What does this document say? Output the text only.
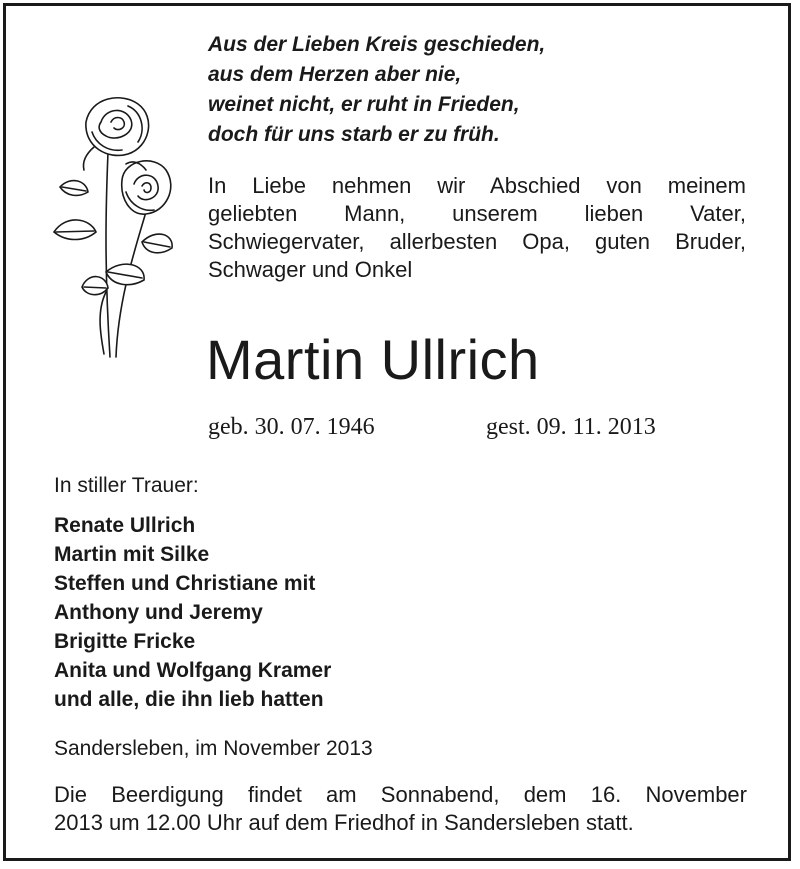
Aus der Lieben Kreis geschieden,
aus dem Herzen aber nie,
weinet nicht, er ruht in Frieden,
doch für uns starb er zu früh.
In Liebe nehmen wir Abschied von meinem
geliebten Mann, unserem lieben Vater,
Schwiegervater, allerbesten Opa, guten Bruder,
Schwager und Onkel
Martin Ullrich
geb. 30. 07. 1946	gest. 09. 11. 2013
In stiller Trauer:
Renate Ullrich
Martin mit Silke
Steffen und Christiane mit
Anthony und Jeremy
Brigitte Fricke
Anita und Wolfgang Kramer
und alle, die ihn lieb hatten
Sandersleben, im November 2013
Die Beerdigung findet am Sonnabend, dem 16. November
2013 um 12.00 Uhr auf dem Friedhof in Sandersleben statt.
